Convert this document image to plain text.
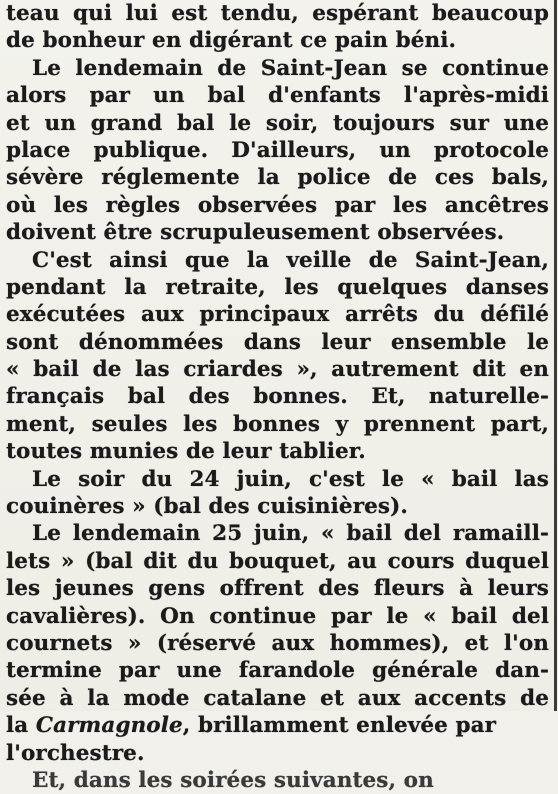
teau qui lui est tendu, espérant beaucoup
de bonheur en digérant ce pain béni.
Le lendemain de Saint-Jean se continue
alors par un bal d'enfants l'après-midi
et un grand bal le soir, toujours sur une
place publique. D'ailleurs, un protocole
sévère réglemente la police de ces bals,
où les règles observées par les ancêtres
doivent être scrupuleusement observées.
C'est ainsi que la veille de Saint-Jean,
pendant la retraite, les quelques danses
exécutées aux principaux arrêts du défilé
sont dénommées dans leur ensemble le
« bail de las criardes », autrement dit en
français bal des bonnes. Et, naturelle-
ment, seules les bonnes y prennent part,
toutes munies de leur tablier.
Le soir du 24 juin, c'est le « bail las
couinères » (bal des cuisinières).
Le lendemain 25 juin, « bail del ramaill-
lets » (bal dit du bouquet, au cours duquel
les jeunes gens offrent des fleurs à leurs
cavalières). On continue par le « bail del
cournets » (réservé aux hommes), et l'on
termine par une farandole générale dan-
sée à la mode catalane et aux accents de
la Carmagnole, brillamment enlevée par
l'orchestre.
Et, dans les soirées suivantes, on
